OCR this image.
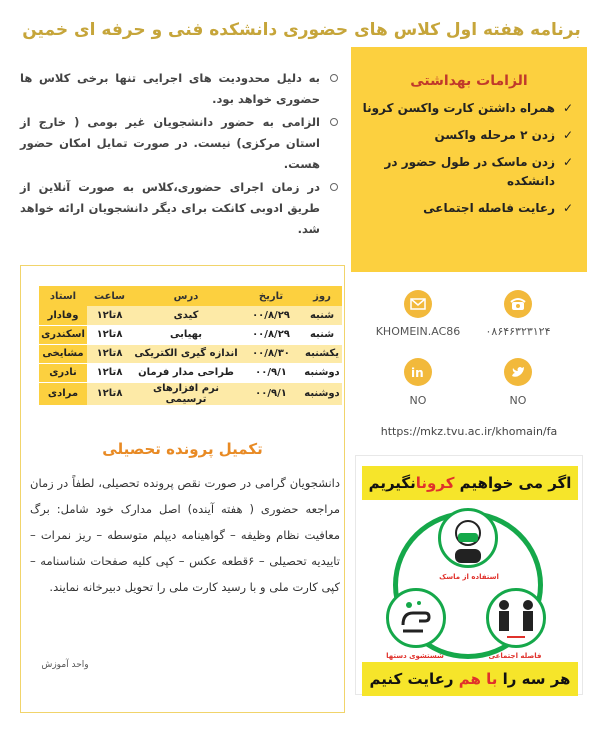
برنامه هفته اول کلاس های حضوری دانشکده فنی و حرفه ای خمین
به دلیل محدودیت های اجرایی تنها برخی کلاس ها حضوری خواهد بود.
الزامی به حضور دانشجویان غیر بومی ( خارج از استان مرکزی) نیست. در صورت تمایل امکان حضور هست.
در زمان اجرای حضوری،کلاس به صورت آنلاین از طریق ادوبی کانکت برای دیگر دانشجویان ارائه خواهد شد.
الزامات بهداشتی
✓
همراه داشتن کارت واکسن کرونا
✓
زدن ۲ مرحله واکسن
✓
زدن ماسک در طول حضور در دانشکده
✓
رعایت فاصله اجتماعی
روز	تاریخ	درس	ساعت	استاد
شنبه	۰۰/۸/۲۹	کیدی	۸تا۱۲	وفادار
شنبه	۰۰/۸/۲۹	بهیابی	۸تا۱۲	اسکندری
یکشنبه	۰۰/۸/۳۰	اندازه گیری الکتریکی	۸تا۱۲	مشایخی
دوشنبه	۰۰/۹/۱	طراحی مدار فرمان	۸تا۱۲	نادری
دوشنبه	۰۰/۹/۱	نرم افزارهای ترسیمی	۸تا۱۲	مرادی
تکمیل پرونده تحصیلی
دانشجویان گرامی در صورت نقص پرونده تحصیلی، لطفاً در زمان مراجعه حضوری ( هفته آینده) اصل مدارک خود شامل: برگ معافیت نظام وظیفه – گواهینامه دیپلم متوسطه – ریز نمرات – تاییدیه تحصیلی – ۶قطعه عکس – کپی کلیه صفحات شناسنامه – کپی کارت ملی و با رسید کارت ملی را تحویل دبیرخانه نمایند.
واحد آموزش
KHOMEIN.AC86	۰۸۶۴۶۳۲۳۱۲۴
in
NO	NO
https://mkz.tvu.ac.ir/khomain/fa
اگر می خواهیم کرونانگیریم
استفاده از ماسک
شستشوی دستها	فاصله اجتماعی
هر سه را با هم رعایت کنیم
